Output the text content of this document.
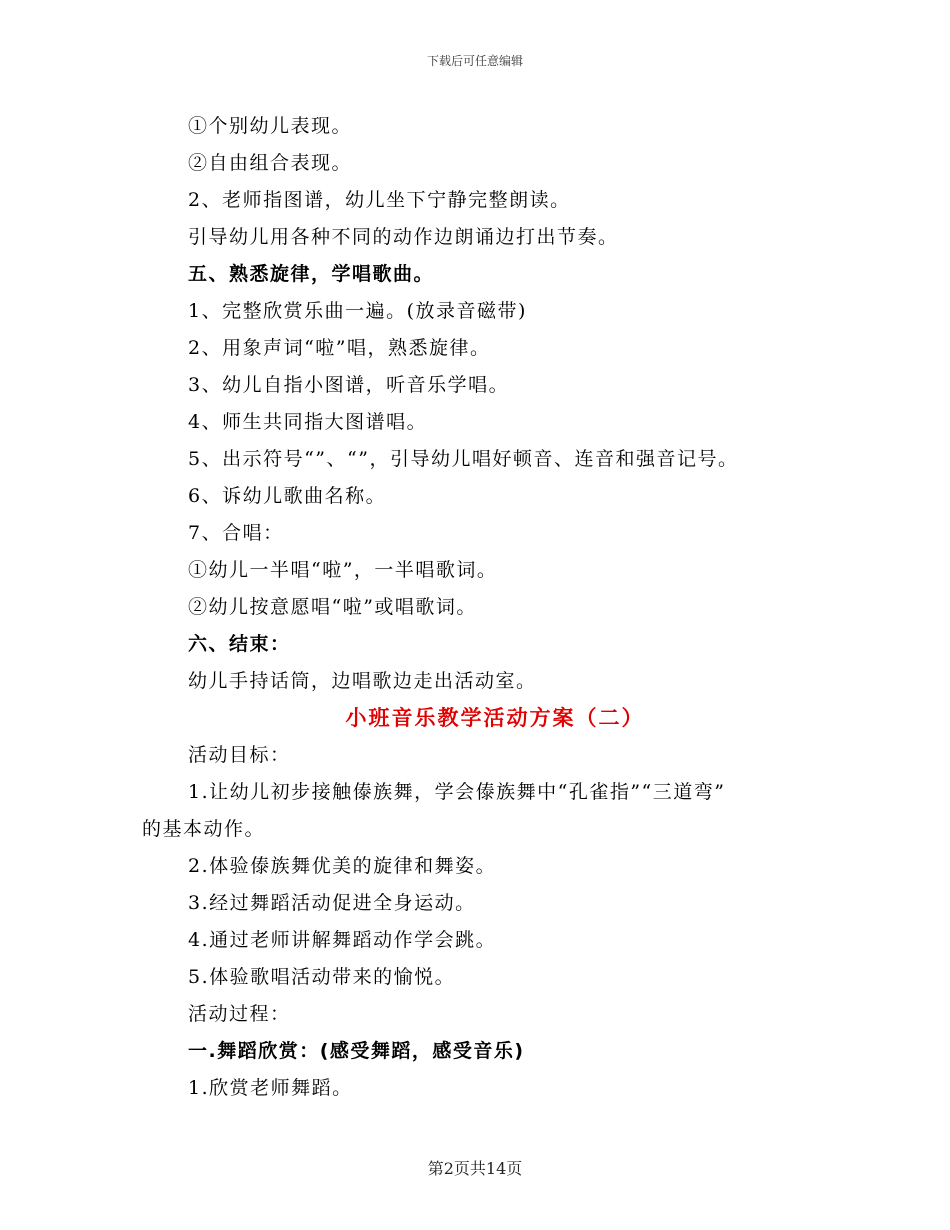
下载后可任意编辑
①个别幼儿表现。
②自由组合表现。
2、老师指图谱，幼儿坐下宁静完整朗读。
引导幼儿用各种不同的动作边朗诵边打出节奏。
五、熟悉旋律，学唱歌曲。
1、完整欣赏乐曲一遍。(放录音磁带)
2、用象声词“啦”唱，熟悉旋律。
3、幼儿自指小图谱，听音乐学唱。
4、师生共同指大图谱唱。
5、出示符号“”、“”，引导幼儿唱好顿音、连音和强音记号。
6、诉幼儿歌曲名称。
7、合唱：
①幼儿一半唱“啦”，一半唱歌词。
②幼儿按意愿唱“啦”或唱歌词。
六、结束：
幼儿手持话筒，边唱歌边走出活动室。
小班音乐教学活动方案（二）
活动目标：
1.让幼儿初步接触傣族舞，学会傣族舞中“孔雀指”“三道弯”
的基本动作。
2.体验傣族舞优美的旋律和舞姿。
3.经过舞蹈活动促进全身运动。
4.通过老师讲解舞蹈动作学会跳。
5.体验歌唱活动带来的愉悦。
活动过程：
一.舞蹈欣赏：(感受舞蹈，感受音乐)
1.欣赏老师舞蹈。
第2页共14页
